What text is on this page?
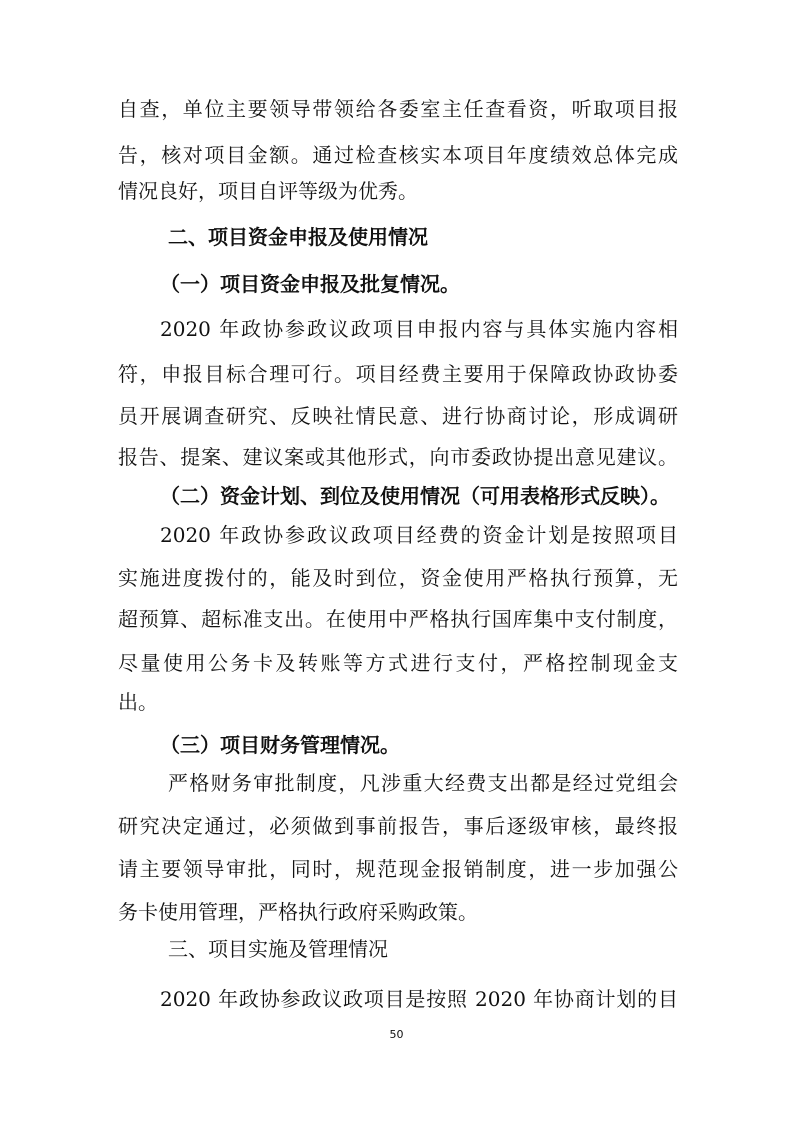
自查，单位主要领导带领给各委室主任查看资，听取项目报
告，核对项目金额。通过检查核实本项目年度绩效总体完成
情况良好，项目自评等级为优秀。
二、项目资金申报及使用情况
（一）项目资金申报及批复情况。
2020 年政协参政议政项目申报内容与具体实施内容相
符，申报目标合理可行。项目经费主要用于保障政协政协委
员开展调查研究、反映社情民意、进行协商讨论，形成调研
报告、提案、建议案或其他形式，向市委政协提出意见建议。
（二）资金计划、到位及使用情况（可用表格形式反映）。
2020 年政协参政议政项目经费的资金计划是按照项目
实施进度拨付的，能及时到位，资金使用严格执行预算，无
超预算、超标准支出。在使用中严格执行国库集中支付制度，
尽量使用公务卡及转账等方式进行支付，严格控制现金支
出。
（三）项目财务管理情况。
严格财务审批制度，凡涉重大经费支出都是经过党组会
研究决定通过，必须做到事前报告，事后逐级审核，最终报
请主要领导审批，同时，规范现金报销制度，进一步加强公
务卡使用管理，严格执行政府采购政策。
三、项目实施及管理情况
2020 年政协参政议政项目是按照 2020 年协商计划的目
50
